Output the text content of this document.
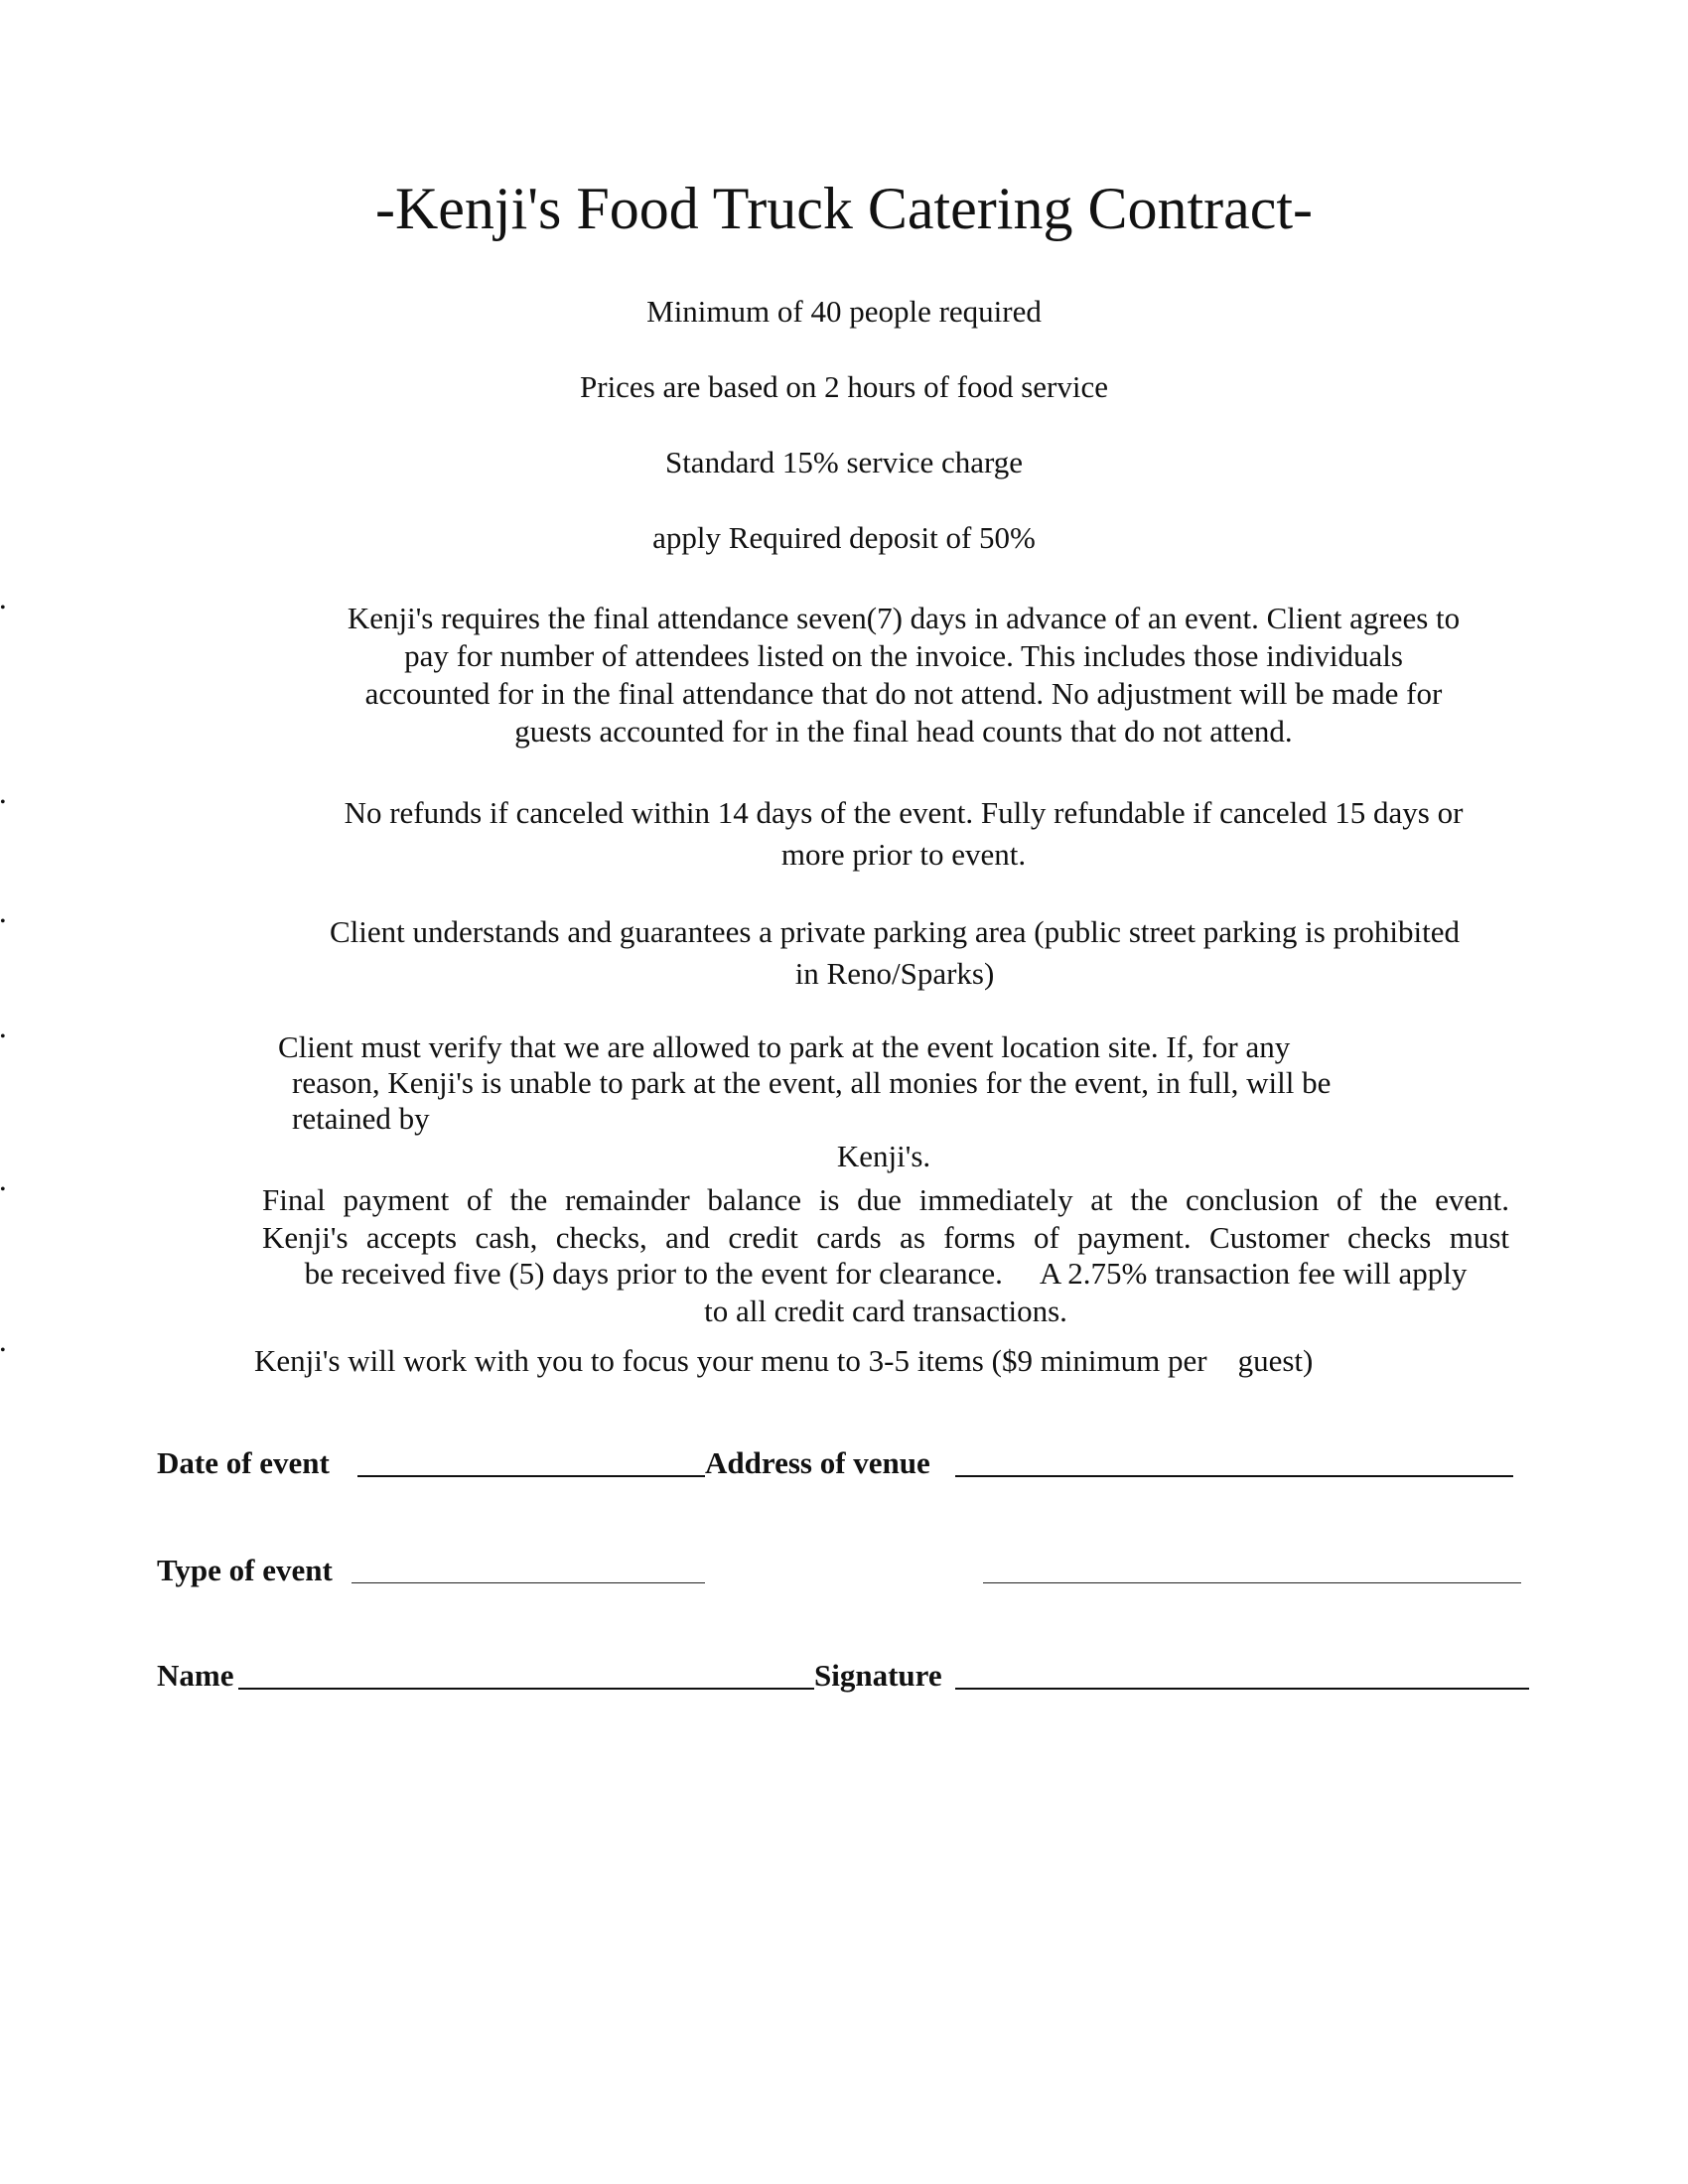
-Kenji's Food Truck Catering Contract-
Minimum of 40 people required
Prices are based on 2 hours of food service
Standard 15% service charge
apply Required deposit of 50%
•	Kenji's requires the final attendance seven(7) days in advance of an event. Client agrees to
pay for number of attendees listed on the invoice. This includes those individuals
accounted for in the final attendance that do not attend. No adjustment will be made for
guests accounted for in the final head counts that do not attend.
•	No refunds if canceled within 14 days of the event. Fully refundable if canceled 15 days or
more prior to event.
•	Client understands and guarantees a private parking area (public street parking is prohibited
in Reno/Sparks)
•	Client must verify that we are allowed to park at the event location site. If, for any
reason, Kenji's is unable to park at the event, all monies for the event, in full, will be
retained by
Kenji's.
•	Final payment of the remainder balance is due immediately at the conclusion of the event.
Kenji's accepts cash, checks, and credit cards as forms of payment. Customer checks must
be received five (5) days prior to the event for clearance.     A 2.75% transaction fee will apply
to all credit card transactions.
•	Kenji's will work with you to focus your menu to 3-5 items ($9 minimum per    guest)
Date of event	Address of venue
Type of event
Name	Signature
